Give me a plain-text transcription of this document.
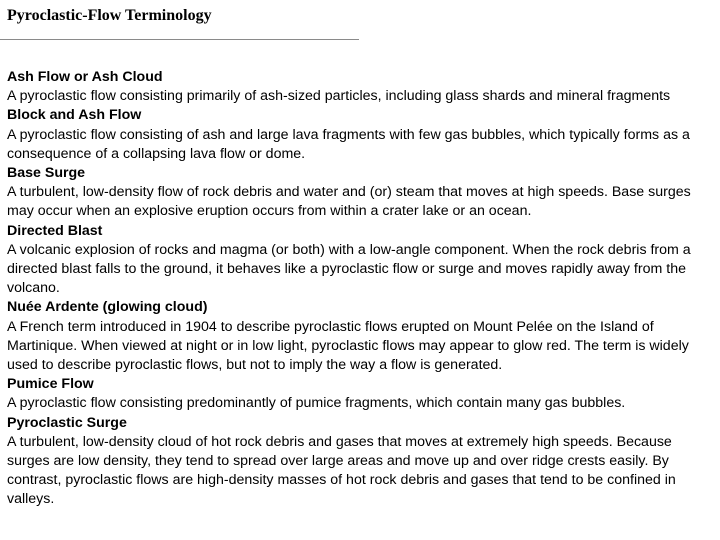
Pyroclastic-Flow Terminology

Ash Flow or Ash Cloud

A pyroclastic flow consisting primarily of ash-sized particles, including glass shards and mineral fragments

Block and Ash Flow

A pyroclastic flow consisting of ash and large lava fragments with few gas bubbles, which typically forms as a consequence of a collapsing lava flow or dome.

Base Surge

A turbulent, low-density flow of rock debris and water and (or) steam that moves at high speeds. Base surges may occur when an explosive eruption occurs from within a crater lake or an ocean.

Directed Blast

A volcanic explosion of rocks and magma (or both) with a low-angle component. When the rock debris from a directed blast falls to the ground, it behaves like a pyroclastic flow or surge and moves rapidly away from the volcano.

Nuée Ardente (glowing cloud)

A French term introduced in 1904 to describe pyroclastic flows erupted on Mount Pelée on the Island of Martinique. When viewed at night or in low light, pyroclastic flows may appear to glow red. The term is widely used to describe pyroclastic flows, but not to imply the way a flow is generated.

Pumice Flow

A pyroclastic flow consisting predominantly of pumice fragments, which contain many gas bubbles.

Pyroclastic Surge

A turbulent, low-density cloud of hot rock debris and gases that moves at extremely high speeds. Because surges are low density, they tend to spread over large areas and move up and over ridge crests easily. By contrast, pyroclastic flows are high-density masses of hot rock debris and gases that tend to be confined in valleys.
